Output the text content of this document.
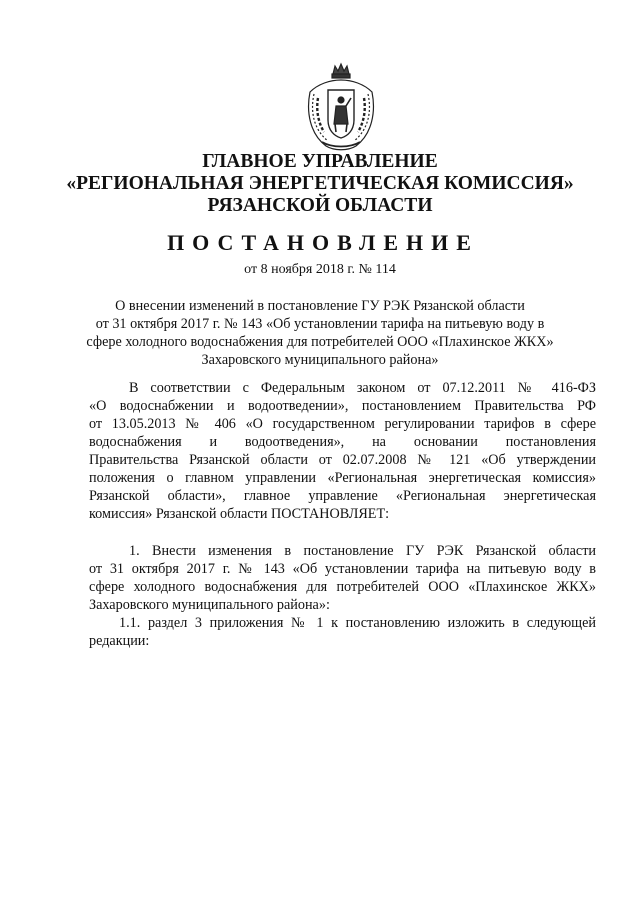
ГЛАВНОЕ УПРАВЛЕНИЕ
«РЕГИОНАЛЬНАЯ ЭНЕРГЕТИЧЕСКАЯ КОМИССИЯ»
РЯЗАНСКОЙ ОБЛАСТИ
ПОСТАНОВЛЕНИЕ
от 8 ноября 2018 г. № 114
О внесении изменений в постановление ГУ РЭК Рязанской области
от 31 октября 2017 г. № 143 «Об установлении тарифа на питьевую воду в
сфере холодного водоснабжения для потребителей ООО «Плахинское ЖКХ»
Захаровского муниципального района»
В соответствии с Федеральным законом от 07.12.2011 № 416-ФЗ
«О водоснабжении и водоотведении», постановлением Правительства РФ
от 13.05.2013 № 406 «О государственном регулировании тарифов в сфере
водоснабжения и водоотведения», на основании постановления
Правительства Рязанской области от 02.07.2008 № 121 «Об утверждении
положения о главном управлении «Региональная энергетическая комиссия»
Рязанской области», главное управление «Региональная энергетическая
комиссия» Рязанской области ПОСТАНОВЛЯЕТ:
1. Внести изменения в постановление ГУ РЭК Рязанской области
от 31 октября 2017 г. № 143 «Об установлении тарифа на питьевую воду в
сфере холодного водоснабжения для потребителей ООО «Плахинское ЖКХ»
Захаровского муниципального района»:
1.1. раздел 3 приложения № 1 к постановлению изложить в следующей
редакции:
